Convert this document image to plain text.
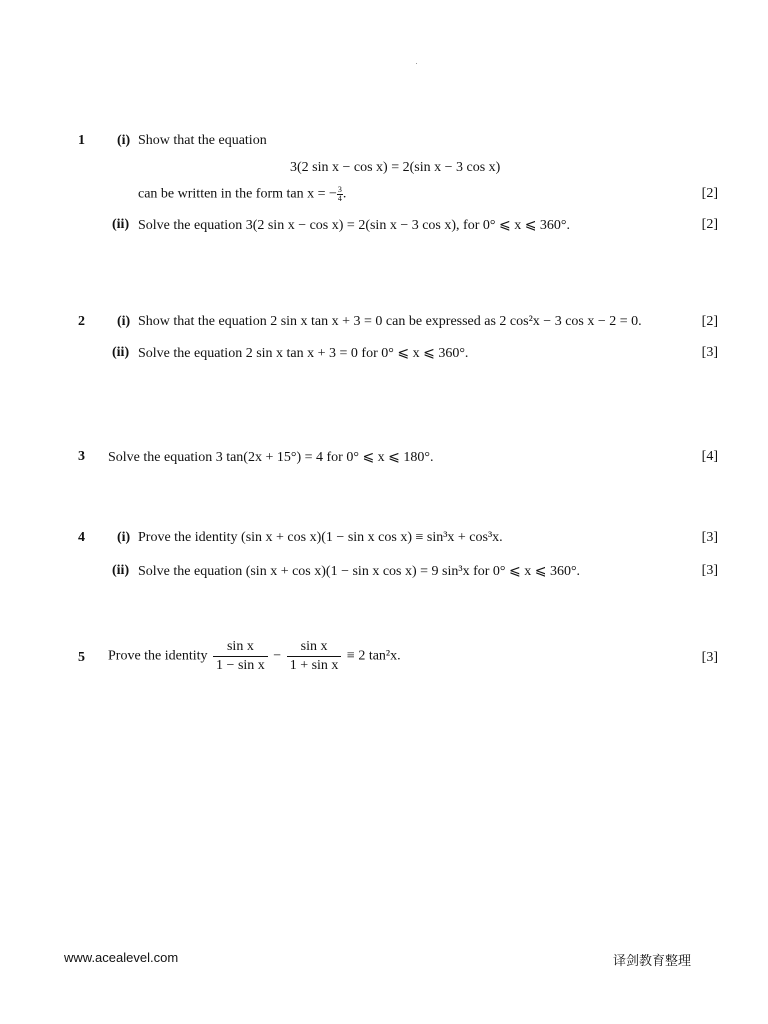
1 (i) Show that the equation
3(2 sin x − cos x) = 2(sin x − 3 cos x)
can be written in the form tan x = − $\frac{3}{4}$ .	[2]
(ii) Solve the equation 3(2 sin x − cos x) = 2(sin x − 3 cos x), for 0° ⩽ x ⩽ 360°.	[2]
2 (i) Show that the equation 2 sin x tan x + 3 = 0 can be expressed as 2 cos²x − 3 cos x − 2 = 0.	[2]
(ii) Solve the equation 2 sin x tan x + 3 = 0 for 0° ⩽ x ⩽ 360°.	[3]
3 Solve the equation 3 tan(2x + 15°) = 4 for 0° ⩽ x ⩽ 180°.	[4]
4 (i) Prove the identity (sin x + cos x)(1 − sin x cos x) ≡ sin³x + cos³x.	[3]
(ii) Solve the equation (sin x + cos x)(1 − sin x cos x) = 9 sin³x for 0° ⩽ x ⩽ 360°.	[3]
5 Prove the identity $\frac{\text{sin x}}{\text{1 − sin x}} - \frac{\text{sin x}}{\text{1 + sin x}} \equiv 2$ tan²x.	[3]
www.acealevel.com	译剑教育整理
